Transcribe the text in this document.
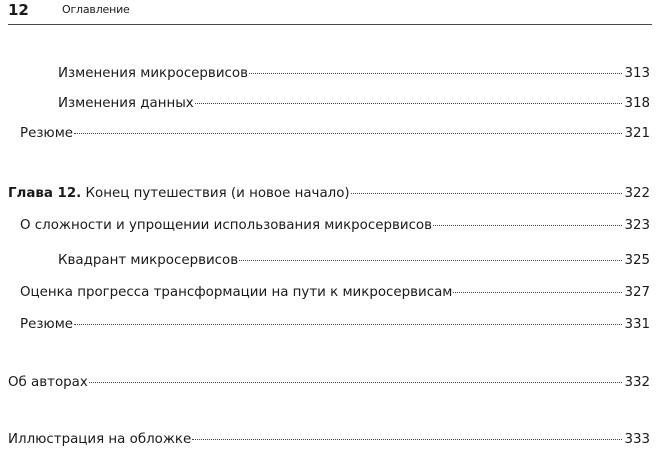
12	Оглавление
Изменения микросервисов	313
Изменения данных	318
Резюме	321
Глава 12. Конец путешествия (и новое начало)	322
О сложности и упрощении использования микросервисов	323
Квадрант микросервисов	325
Оценка прогресса трансформации на пути к микросервисам	327
Резюме	331
Об авторах	332
Иллюстрация на обложке	333
